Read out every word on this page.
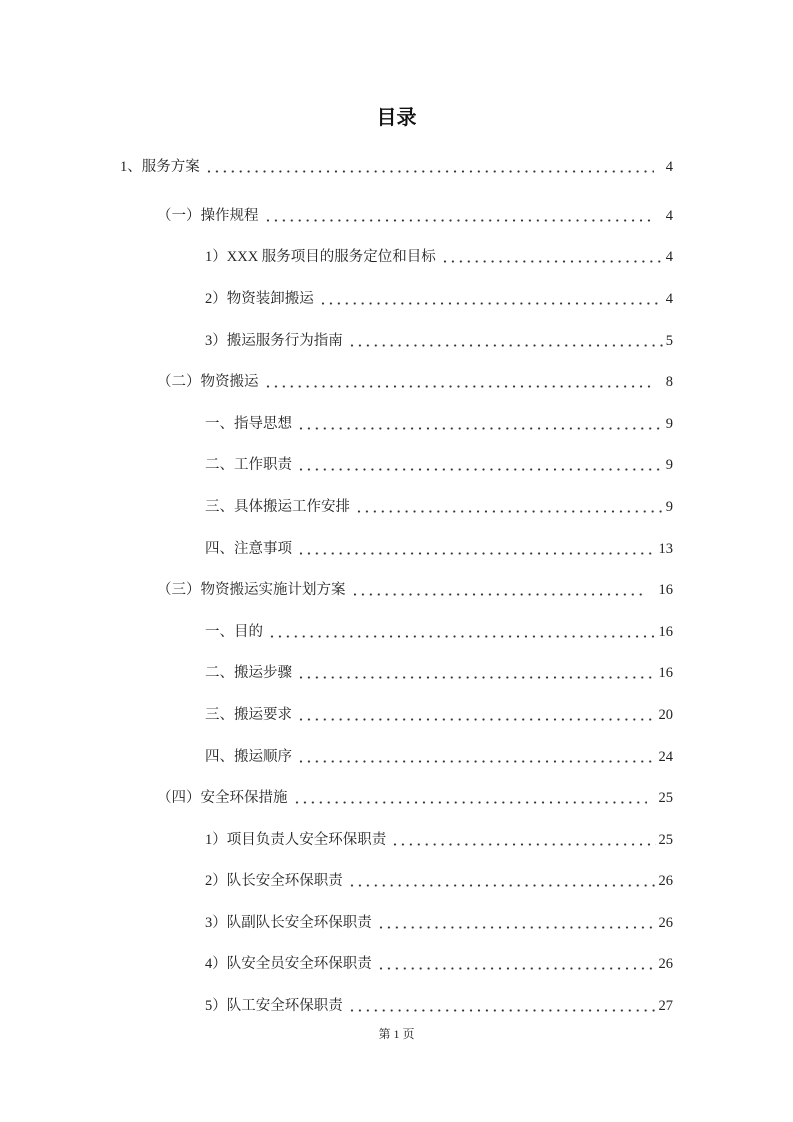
目录
1、服务方案	4
（一）操作规程	4
1）XXX 服务项目的服务定位和目标	4
2）物资装卸搬运	4
3）搬运服务行为指南	5
（二）物资搬运	8
一、指导思想	9
二、工作职责	9
三、具体搬运工作安排	9
四、注意事项	13
（三）物资搬运实施计划方案	16
一、目的	16
二、搬运步骤	16
三、搬运要求	20
四、搬运顺序	24
（四）安全环保措施	25
1）项目负责人安全环保职责	25
2）队长安全环保职责	26
3）队副队长安全环保职责	26
4）队安全员安全环保职责	26
5）队工安全环保职责	27
第 1 页
